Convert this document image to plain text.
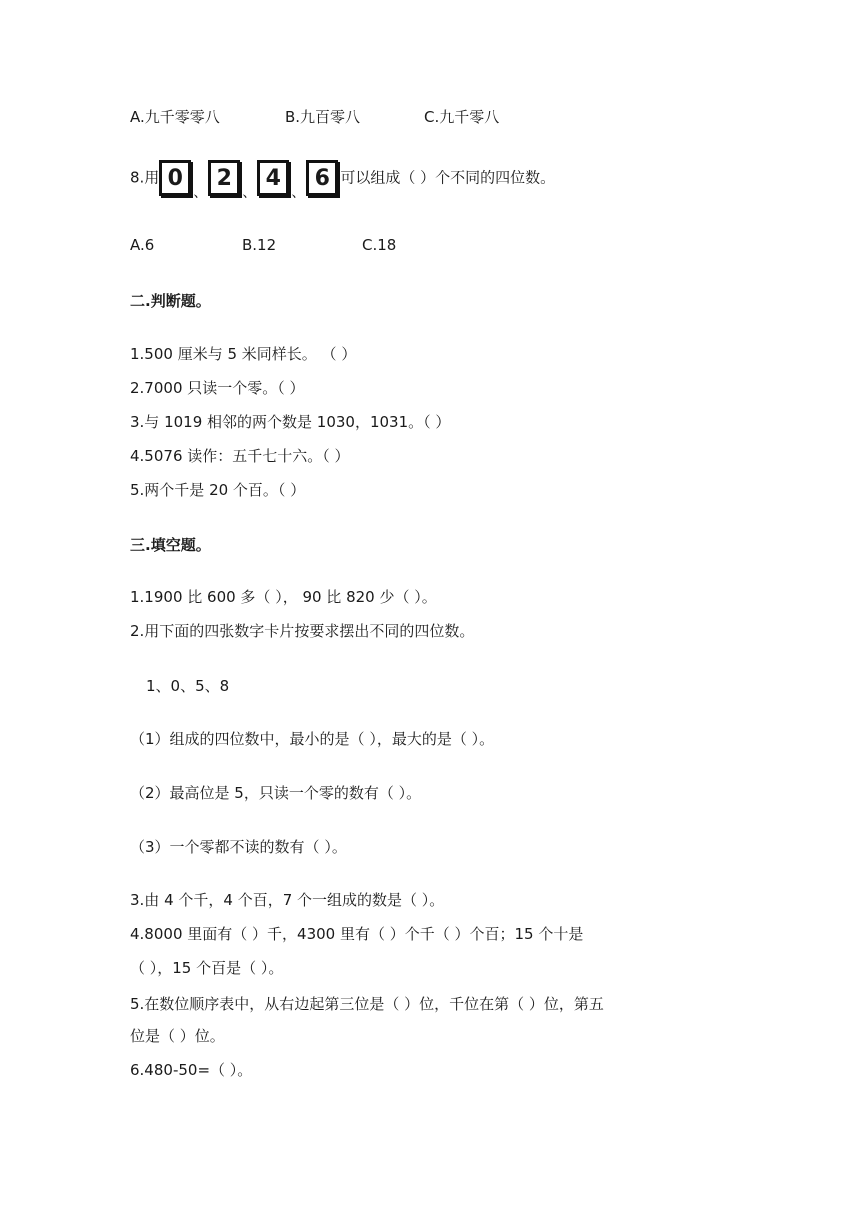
A.九千零零八	B.九百零八	C.九千零八
8.用 0
、
2
、
4
、
6 可以组成（ ）个不同的四位数。
A.6	B.12	C.18
二.判断题。
1.500 厘米与 5 米同样长。 （ ）
2.7000 只读一个零。（ ）
3.与 1019 相邻的两个数是 1030，1031。（ ）
4.5076 读作：五千七十六。（ ）
5.两个千是 20 个百。（ ）
三.填空题。
1.1900 比 600 多（ ）， 90 比 820 少（ ）。
2.用下面的四张数字卡片按要求摆出不同的四位数。
1、0、5、8
（1）组成的四位数中，最小的是（ ），最大的是（ ）。
（2）最高位是 5，只读一个零的数有（ ）。
（3）一个零都不读的数有（ ）。
3.由 4 个千，4 个百，7 个一组成的数是（ ）。
4.8000 里面有（ ）千，4300 里有（ ）个千（ ）个百；15 个十是
（ ），15 个百是（ ）。
5.在数位顺序表中，从右边起第三位是（ ）位，千位在第（ ）位，第五
位是（ ）位。
6.480-50=（ ）。
